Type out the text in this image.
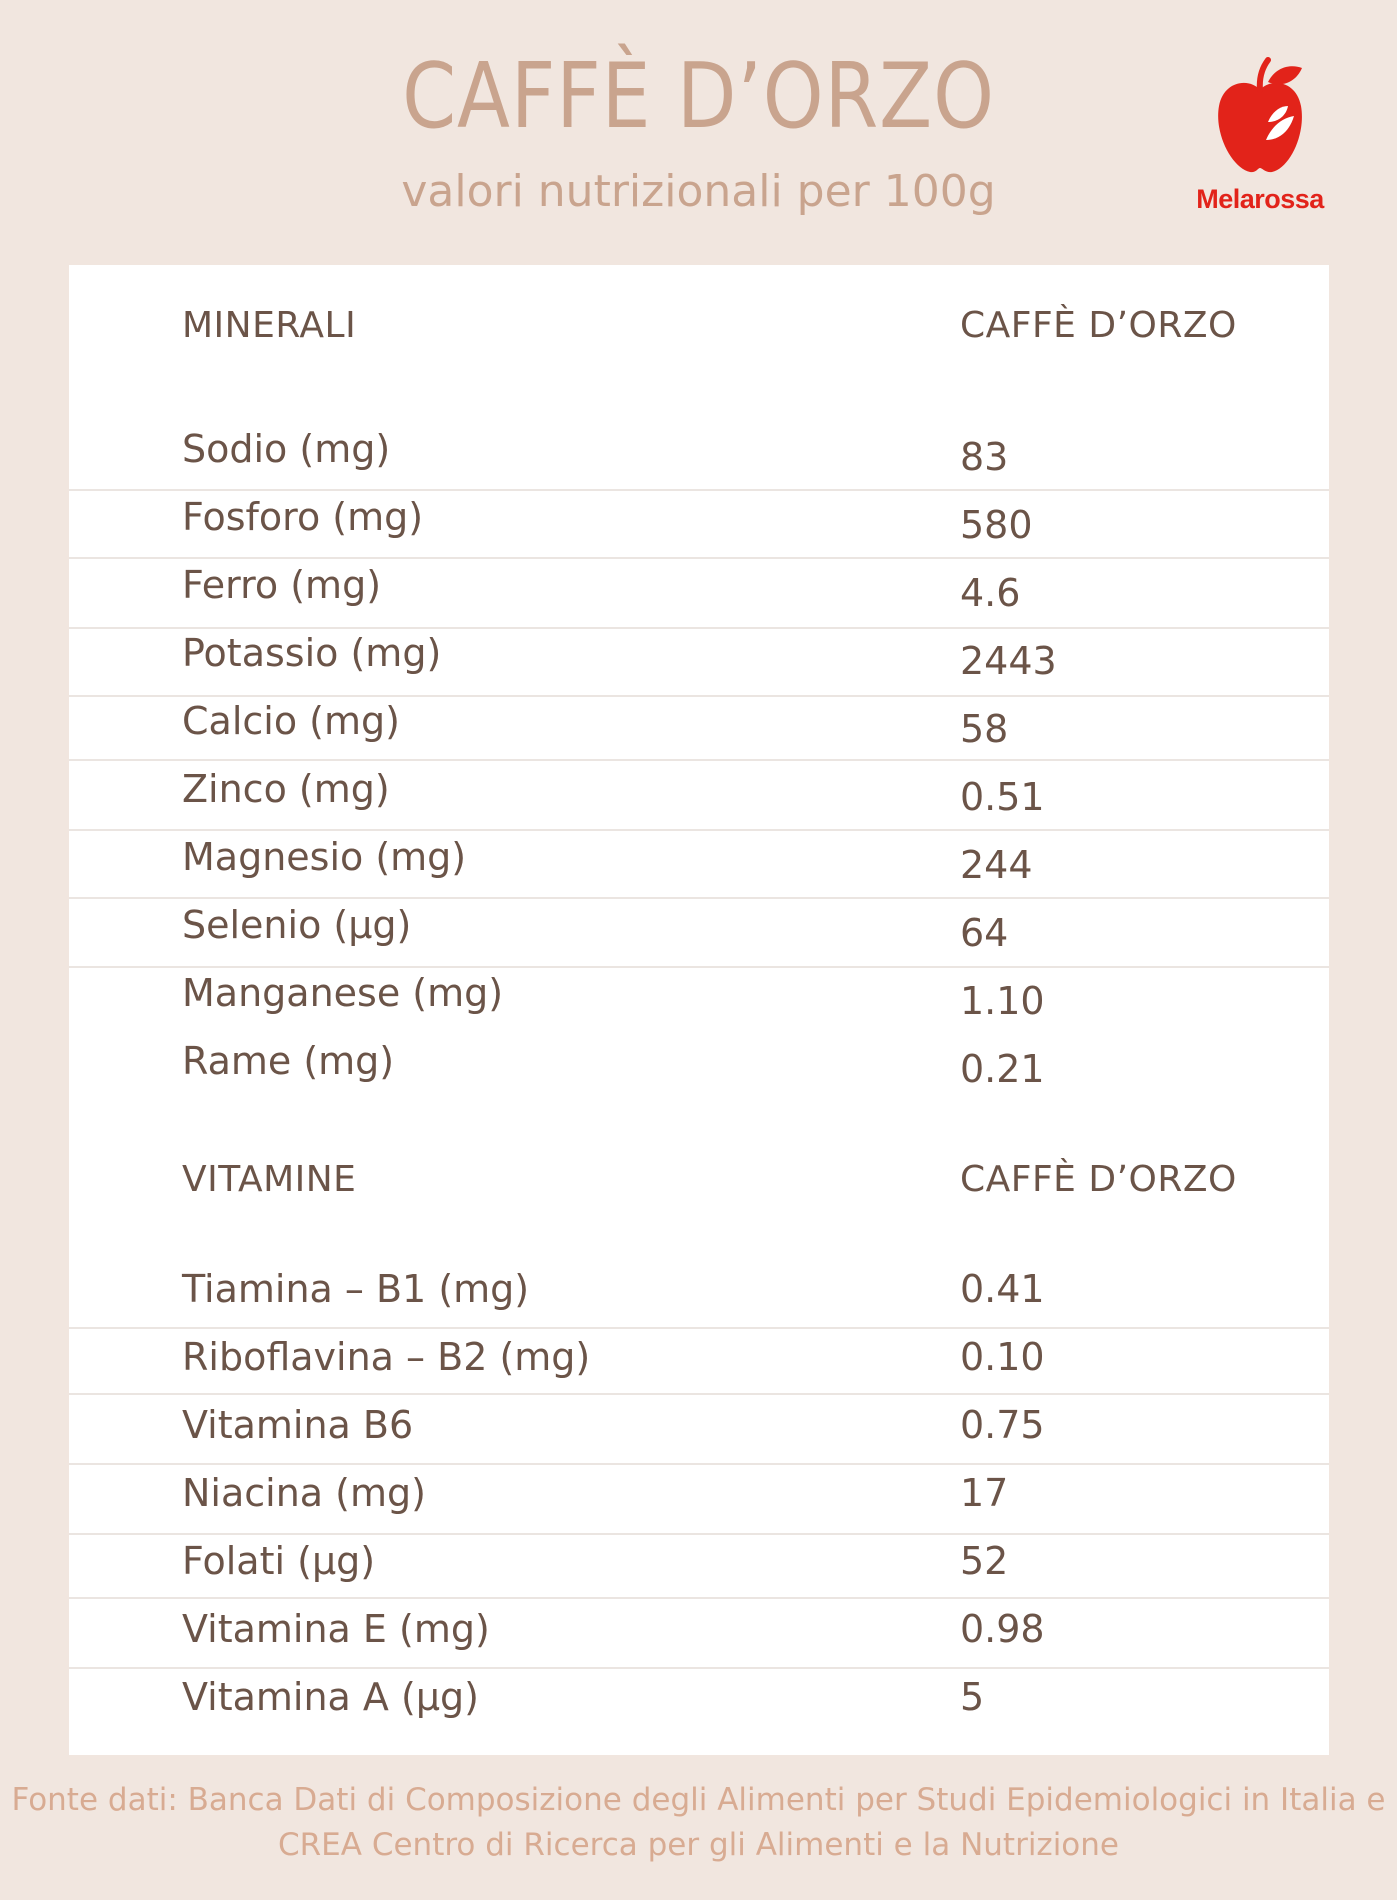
CAFFÈ D’ORZO
valori nutrizionali per 100g	Melarossa
MINERALI	CAFFÈ D’ORZO
Sodio (mg)	83
Fosforo (mg)	580
Ferro (mg)	4.6
Potassio (mg)	2443
Calcio (mg)	58
Zinco (mg)	0.51
Magnesio (mg)	244
Selenio (µg)	64
Manganese (mg)	1.10
Rame (mg)	0.21
VITAMINE	CAFFÈ D’ORZO
Tiamina – B1 (mg)	0.41
Riboflavina – B2 (mg)	0.10
Vitamina B6	0.75
Niacina (mg)	17
Folati (µg)	52
Vitamina E (mg)	0.98
Vitamina A (µg)	5
Fonte dati: Banca Dati di Composizione degli Alimenti per Studi Epidemiologici in Italia e
CREA Centro di Ricerca per gli Alimenti e la Nutrizione
